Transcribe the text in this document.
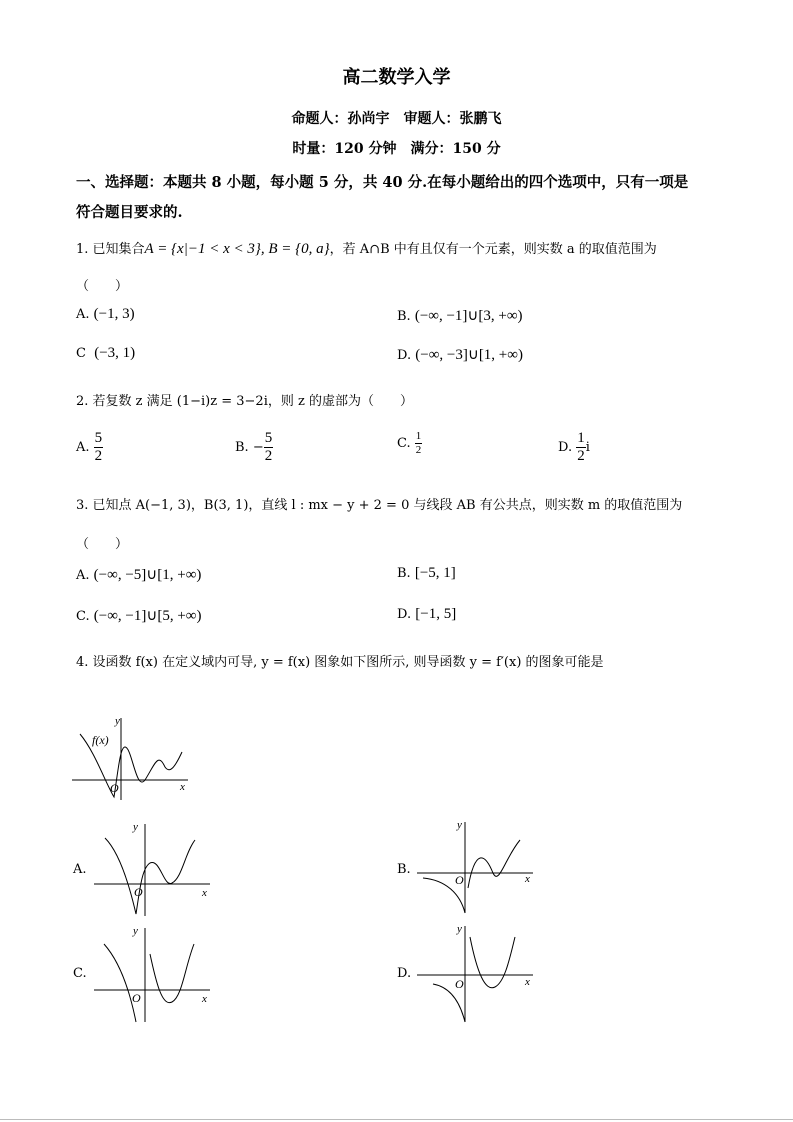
高二数学入学
命题人：孙尚宇　审题人：张鹏飞
时量：120 分钟　满分：150 分
一、选择题：本题共 8 小题，每小题 5 分，共 40 分.在每小题给出的四个选项中，只有一项是
符合题目要求的.
1. 已知集合A = {x|−1 < x < 3}, B = {0, a}，若 A∩B 中有且仅有一个元素，则实数 a 的取值范围为
（　　）
A. (−1, 3)	B. (−∞, −1]∪[3, +∞)
C (−3, 1)	D. (−∞, −3]∪[1, +∞)
2. 若复数 z 满足 (1−i)z = 3−2i，则 z 的虚部为（　　）
A. $\frac{5}{2}$	B. − $\frac{5}{2}$	C. $\frac{1}{2}$	D. $\frac{1}{2}$ i
3. 已知点 A(−1, 3)，B(3, 1)，直线 l : mx − y + 2 = 0 与线段 AB 有公共点，则实数 m 的取值范围为
（　　）
A. (−∞, −5]∪[1, +∞)	B. [−5, 1]
C. (−∞, −1]∪[5, +∞)	D. [−1, 5]
4. 设函数 f(x) 在定义域内可导, y = f(x) 图象如下图所示, 则导函数 y = f′(x) 的图象可能是
y
f(x)
O	x
A.
y
O	x
B.
y
O	x
C.
y
O	x
D.
y
O	x
